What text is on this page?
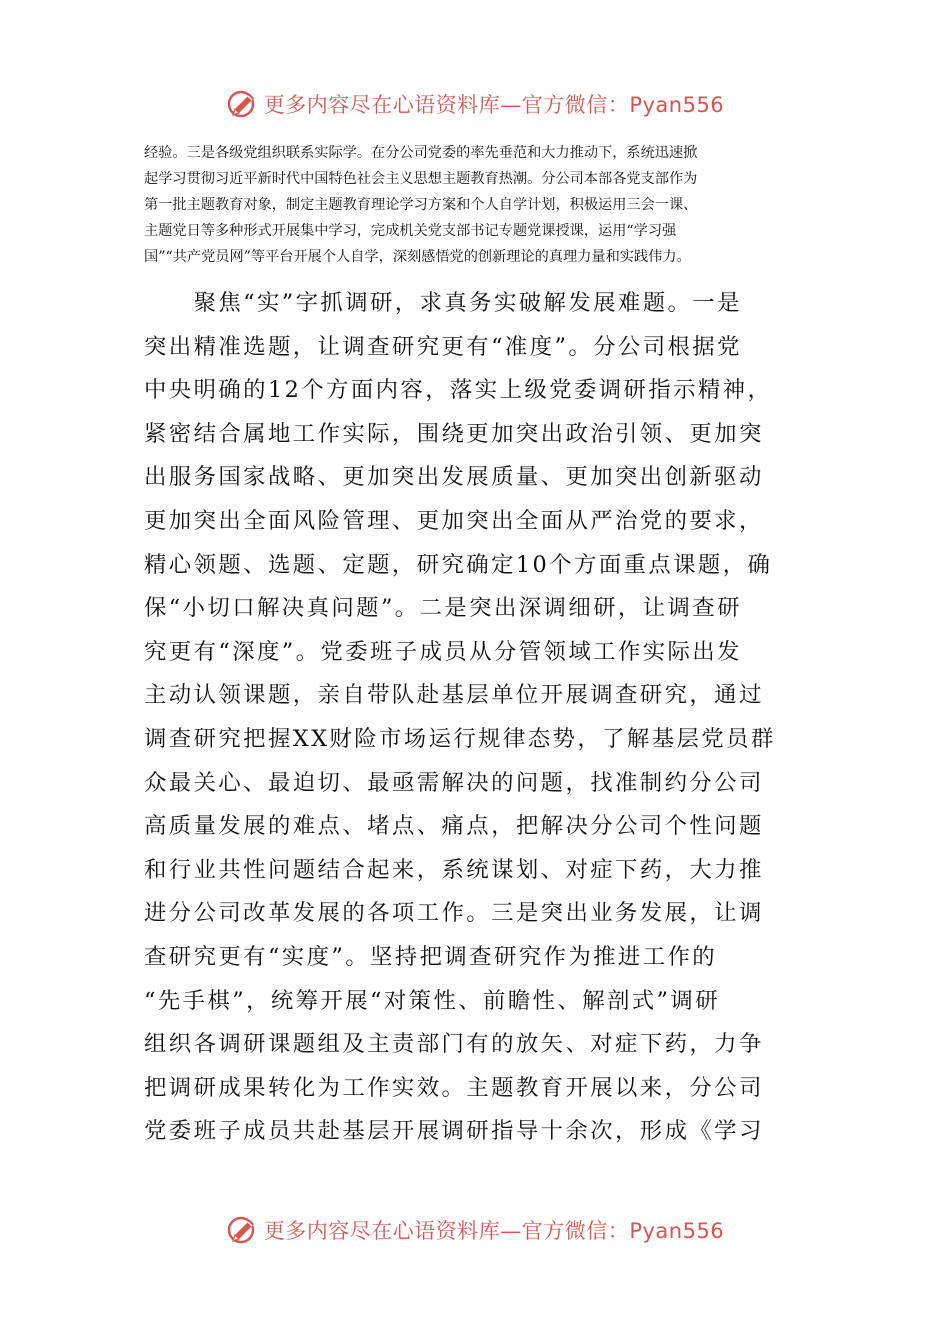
更多内容尽在心语资料库—官方微信：Pyan556

经验。三是各级党组织联系实际学。在分公司党委的率先垂范和大力推动下，系统迅速掀
起学习贯彻习近平新时代中国特色社会主义思想主题教育热潮。分公司本部各党支部作为
第一批主题教育对象，制定主题教育理论学习方案和个人自学计划，积极运用三会一课、
主题党日等多种形式开展集中学习，完成机关党支部书记专题党课授课，运用“学习强
国”“共产党员网”等平台开展个人自学，深刻感悟党的创新理论的真理力量和实践伟力。

　　聚焦“实”字抓调研，求真务实破解发展难题。一是
突出精准选题，让调查研究更有“准度”。分公司根据党
中央明确的12个方面内容，落实上级党委调研指示精神，
紧密结合属地工作实际，围绕更加突出政治引领、更加突
出服务国家战略、更加突出发展质量、更加突出创新驱动
更加突出全面风险管理、更加突出全面从严治党的要求，
精心领题、选题、定题，研究确定10个方面重点课题，确
保“小切口解决真问题”。二是突出深调细研，让调查研
究更有“深度”。党委班子成员从分管领域工作实际出发
主动认领课题，亲自带队赴基层单位开展调查研究，通过
调查研究把握XX财险市场运行规律态势，了解基层党员群
众最关心、最迫切、最亟需解决的问题，找准制约分公司
高质量发展的难点、堵点、痛点，把解决分公司个性问题
和行业共性问题结合起来，系统谋划、对症下药，大力推
进分公司改革发展的各项工作。三是突出业务发展，让调
查研究更有“实度”。坚持把调查研究作为推进工作的
“先手棋”，统筹开展“对策性、前瞻性、解剖式”调研
组织各调研课题组及主责部门有的放矢、对症下药，力争
把调研成果转化为工作实效。主题教育开展以来，分公司
党委班子成员共赴基层开展调研指导十余次，形成《学习

更多内容尽在心语资料库—官方微信：Pyan556
